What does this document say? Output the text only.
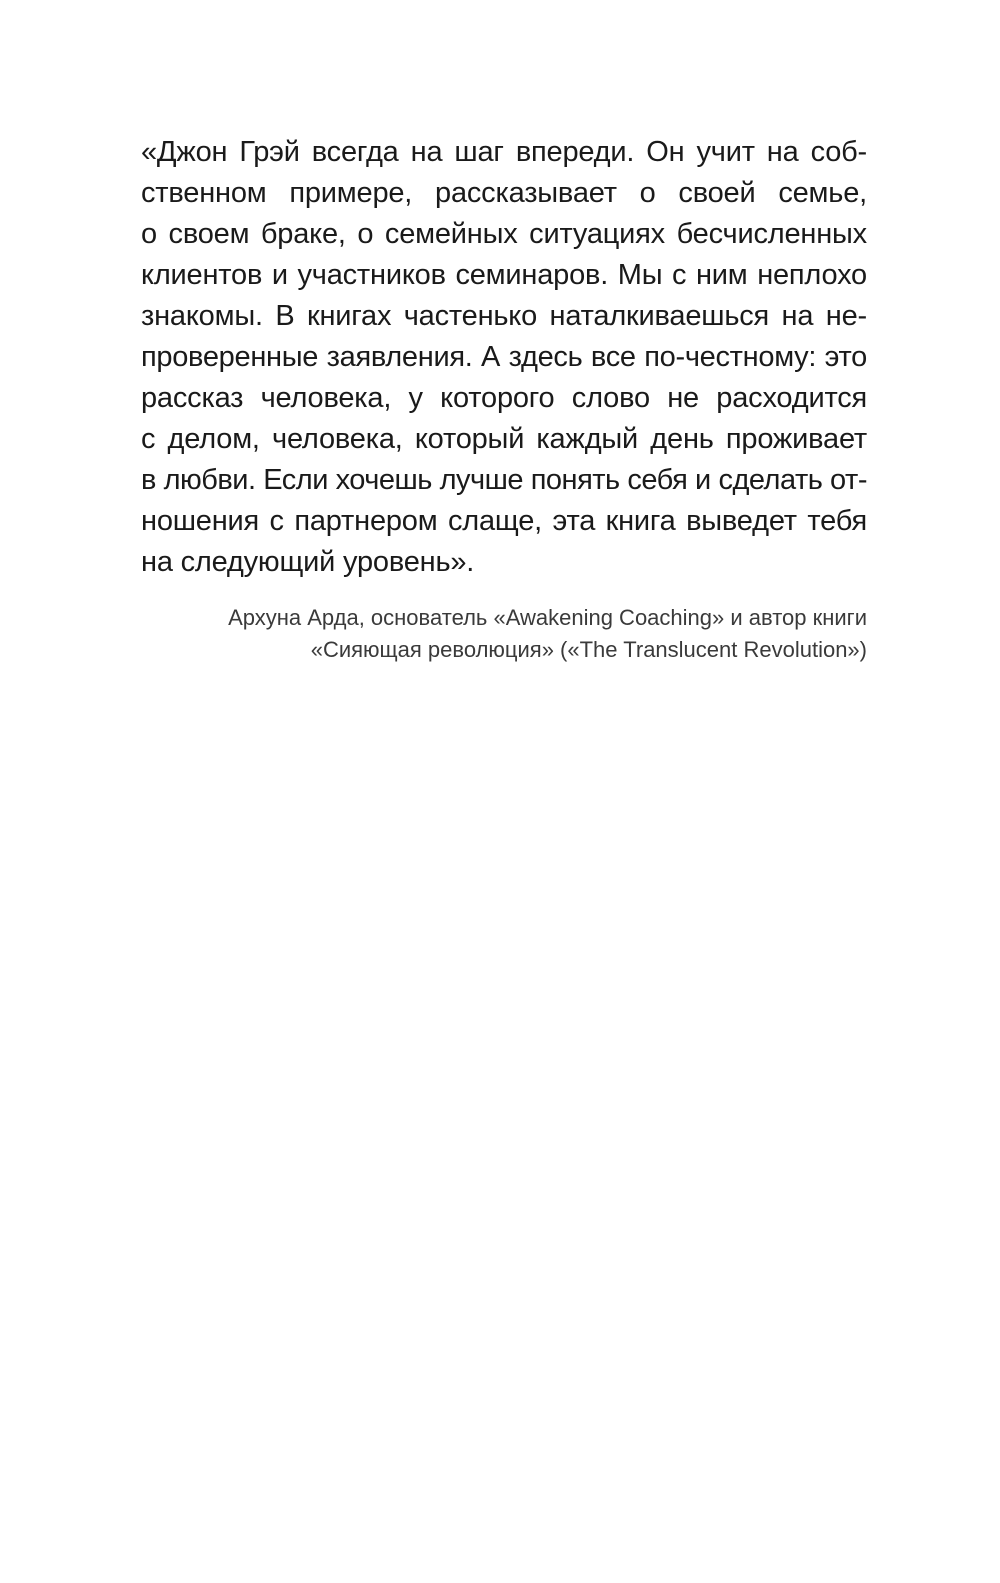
«Джон Грэй всегда на шаг впереди. Он учит на соб-
ственном примере, рассказывает о своей семье,
о своем браке, о семейных ситуациях бесчисленных
клиентов и участников семинаров. Мы с ним неплохо
знакомы. В книгах частенько наталкиваешься на не-
проверенные заявления. А здесь все по-честному: это
рассказ человека, у которого слово не расходится
с делом, человека, который каждый день проживает
в любви. Если хочешь лучше понять себя и сделать от-
ношения с партнером слаще, эта книга выведет тебя
на следующий уровень».
Архуна Арда, основатель «Awakening Coaching» и автор книги
«Сияющая революция» («The Translucent Revolution»)
